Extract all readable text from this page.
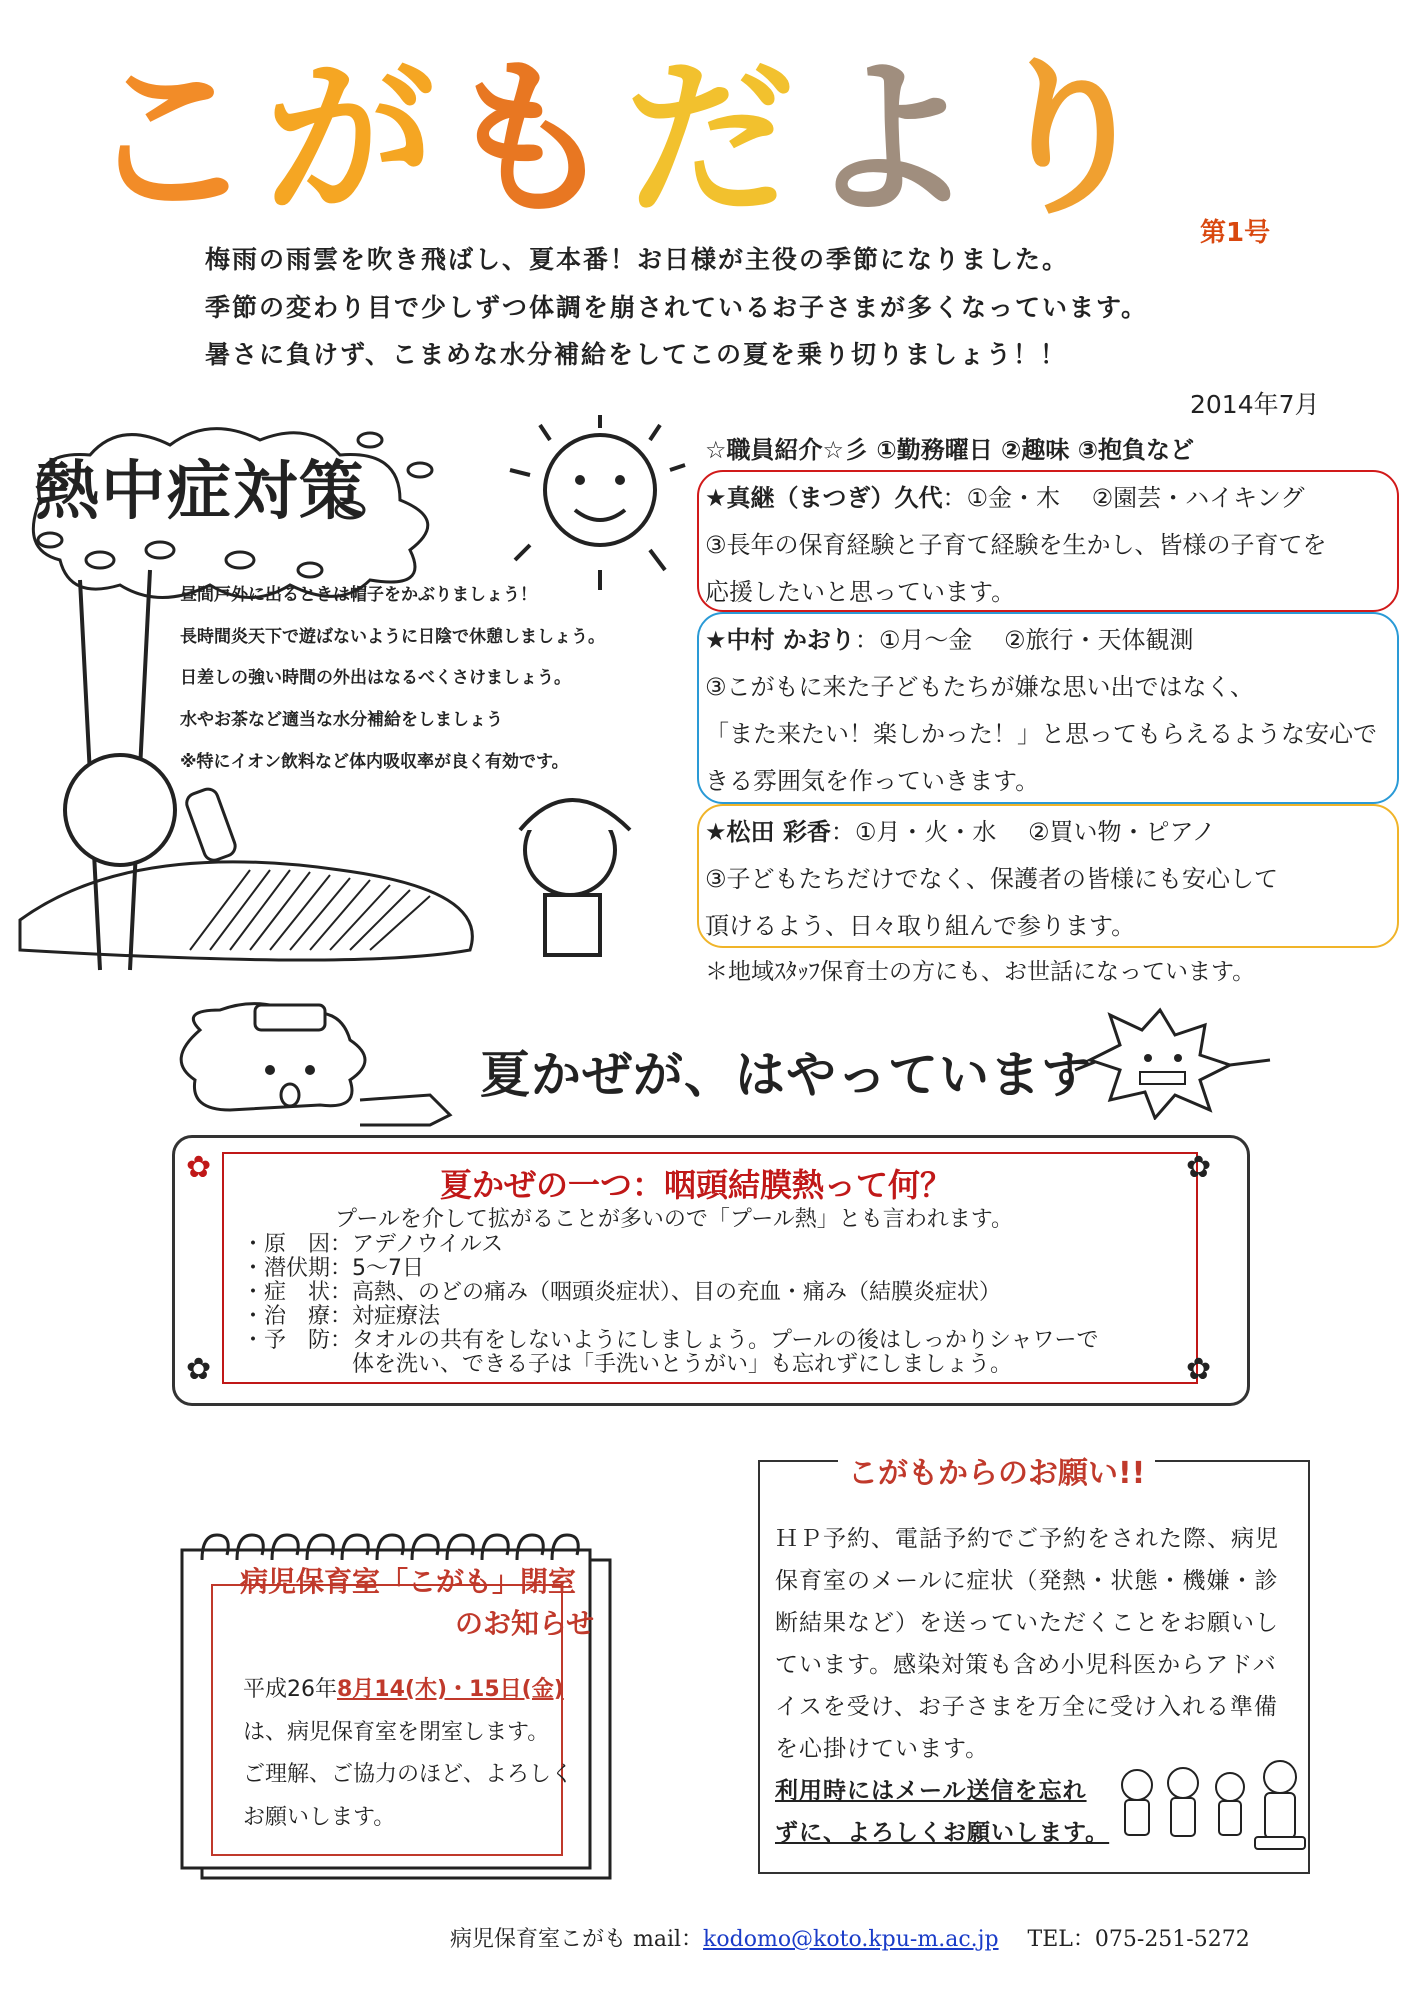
こ が も だ よ り 第1号
梅雨の雨雲を吹き飛ばし、夏本番！お日様が主役の季節になりました。
季節の変わり目で少しずつ体調を崩されているお子さまが多くなっています。
暑さに負けず、こまめな水分補給をしてこの夏を乗り切りましょう！！
2014年7月
熱中症対策
昼間戸外に出るときは帽子をかぶりましょう！
長時間炎天下で遊ばないように日陰で休憩しましょう。
日差しの強い時間の外出はなるべくさけましょう。
水やお茶など適当な水分補給をしましょう
※特にイオン飲料など体内吸収率が良く有効です。
☆職員紹介☆彡 ①勤務曜日 ②趣味 ③抱負など
★真継（まつぎ）久代：①金・木　 ②園芸・ハイキング
③長年の保育経験と子育て経験を生かし、皆様の子育てを
応援したいと思っています。
★中村 かおり：①月～金　 ②旅行・天体観測
③こがもに来た子どもたちが嫌な思い出ではなく、
「また来たい！楽しかった！」と思ってもらえるような安心で
きる雰囲気を作っていきます。
★松田 彩香：①月・火・水　 ②買い物・ピアノ
③子どもたちだけでなく、保護者の皆様にも安心して
頂けるよう、日々取り組んで参ります。
＊地域ｽﾀｯﾌ保育士の方にも、お世話になっています。
夏かぜが、はやっています
✿	✿
✿	✿
夏かぜの一つ：咽頭結膜熱って何？
プールを介して拡がることが多いので「プール熱」とも言われます。
・原　因：アデノウイルス
・潜伏期：5～7日
・症　状：高熱、のどの痛み（咽頭炎症状）、目の充血・痛み（結膜炎症状）
・治　療：対症療法
・予　防：タオルの共有をしないようにしましょう。プールの後はしっかりシャワーで
　　　　　体を洗い、できる子は「手洗いとうがい」も忘れずにしましょう。
病児保育室「こがも」閉室
のお知らせ
平成26年8月14(木)・15日(金)
は、病児保育室を閉室します。
ご理解、ご協力のほど、よろしく
お願いします。
こがもからのお願い!!
ＨＰ予約、電話予約でご予約をされた際、病児
保育室のメールに症状（発熱・状態・機嫌・診
断結果など）を送っていただくことをお願いし
ています。感染対策も含め小児科医からアドバ
イスを受け、お子さまを万全に受け入れる準備
を心掛けています。
利用時にはメール送信を忘れ
ずに、よろしくお願いします。
病児保育室こがも mail：kodomo@koto.kpu-m.ac.jp TEL：075-251-5272
